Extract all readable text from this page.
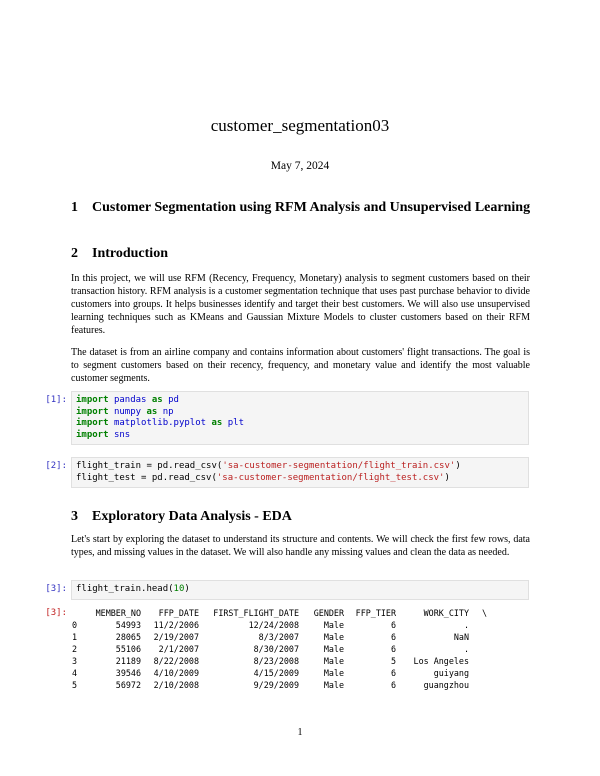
customer_segmentation03
May 7, 2024
1 Customer Segmentation using RFM Analysis and Unsupervised Learning
2 Introduction
In this project, we will use RFM (Recency, Frequency, Monetary) analysis to segment customers based on their transaction history. RFM analysis is a customer segmentation technique that uses past purchase behavior to divide customers into groups. It helps businesses identify and target their best customers. We will also use unsupervised learning techniques such as KMeans and Gaussian Mixture Models to cluster customers based on their RFM features.
The dataset is from an airline company and contains information about customers' flight transactions. The goal is to segment customers based on their recency, frequency, and monetary value and identify the most valuable customer segments.
[1]: import pandas as pd
import numpy as np
import matplotlib.pyplot as plt
import sns
[2]: flight_train = pd.read_csv('sa-customer-segmentation/flight_train.csv')
flight_test = pd.read_csv('sa-customer-segmentation/flight_test.csv')
3 Exploratory Data Analysis - EDA
Let's start by exploring the dataset to understand its structure and contents. We will check the first few rows, data types, and missing values in the dataset. We will also handle any missing values and clean the data as needed.
[3]: flight_train.head(10)
[3]:	MEMBER_NO	FFP_DATE	FIRST_FLIGHT_DATE	GENDER	FFP_TIER	WORK_CITY	\
0	54993	11/2/2006	12/24/2008	Male	6	.
1	28065	2/19/2007	8/3/2007	Male	6	NaN
2	55106	2/1/2007	8/30/2007	Male	6	.
3	21189	8/22/2008	8/23/2008	Male	5	Los Angeles
4	39546	4/10/2009	4/15/2009	Male	6	guiyang
5	56972	2/10/2008	9/29/2009	Male	6	guangzhou
1
